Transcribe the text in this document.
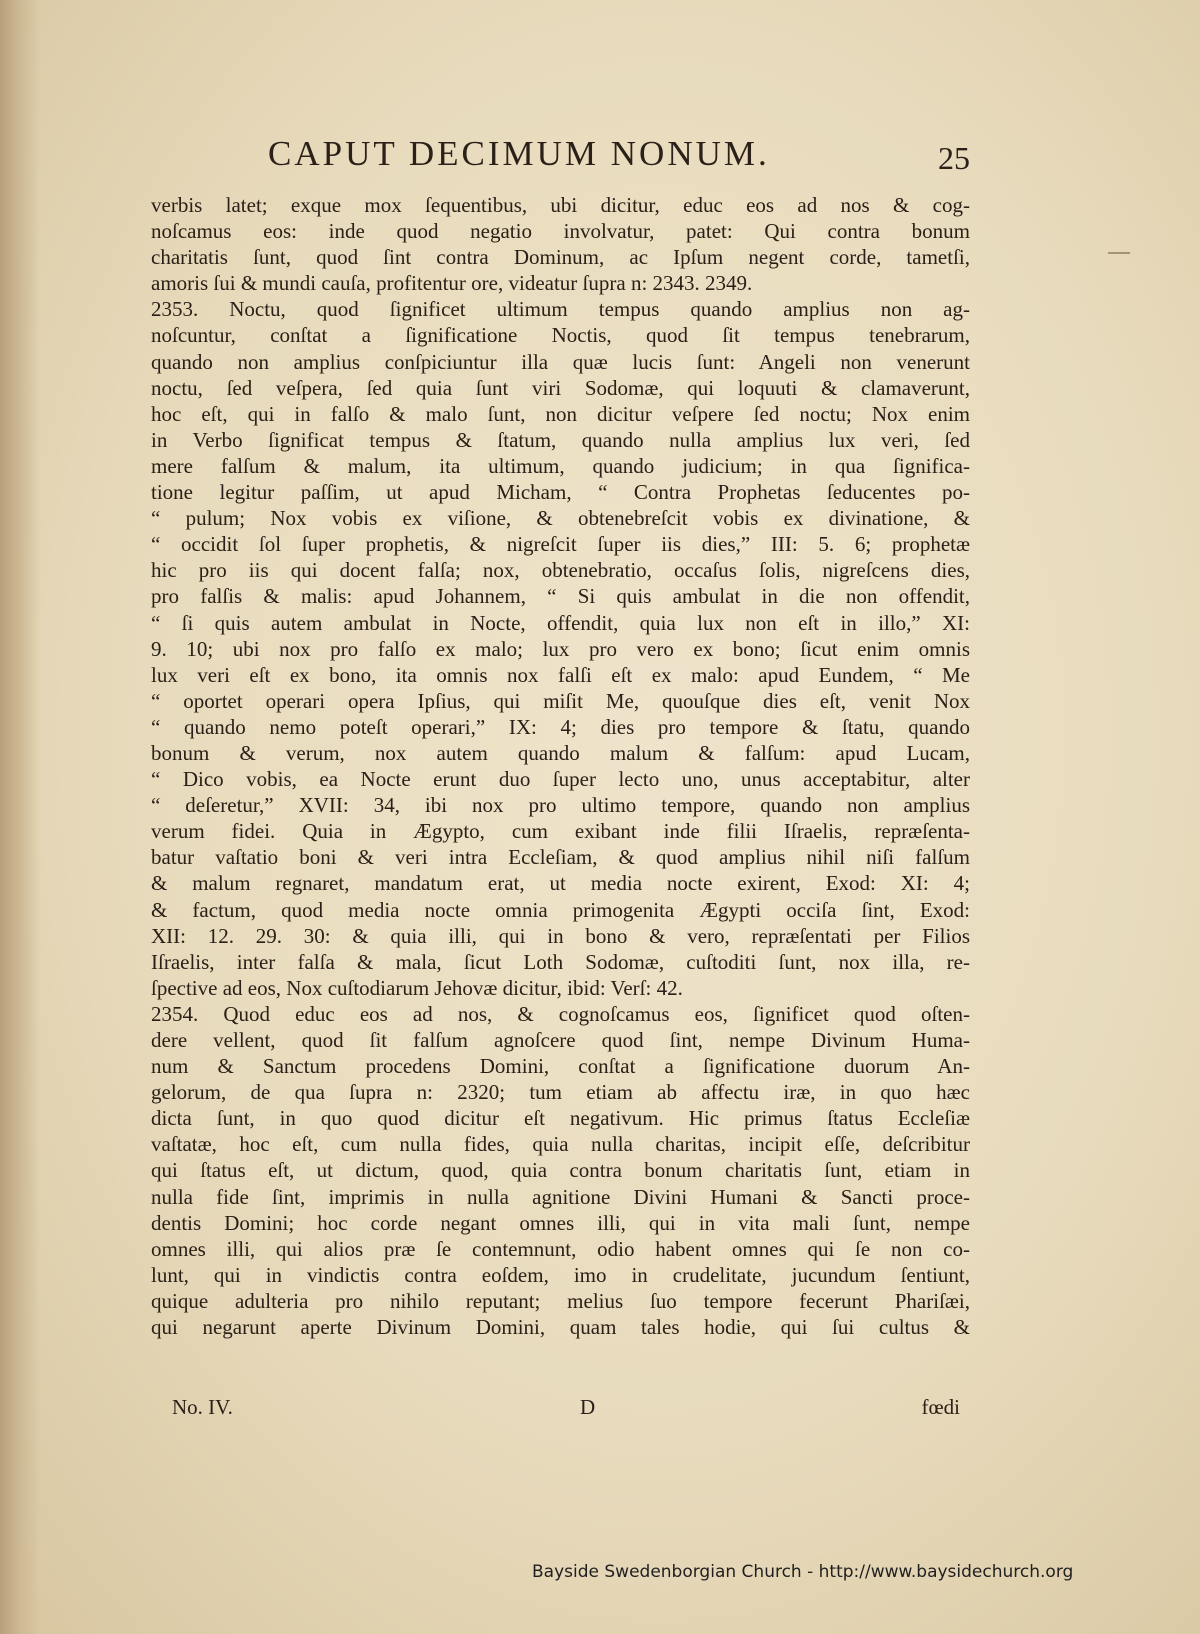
CAPUT DECIMUM NONUM.	25
verbis latet; exque mox ſequentibus, ubi dicitur, educ eos ad nos & cog-
noſcamus eos: inde quod negatio involvatur, patet: Qui contra bonum
charitatis ſunt, quod ſint contra Dominum, ac Ipſum negent corde, tametſi,
amoris ſui & mundi cauſa, profitentur ore, videatur ſupra n: 2343. 2349.
2353. Noctu, quod ſignificet ultimum tempus quando amplius non ag-
noſcuntur, conſtat a ſignificatione Noctis, quod ſit tempus tenebrarum,
quando non amplius conſpiciuntur illa quæ lucis ſunt: Angeli non venerunt
noctu, ſed veſpera, ſed quia ſunt viri Sodomæ, qui loquuti & clamaverunt,
hoc eſt, qui in falſo & malo ſunt, non dicitur veſpere ſed noctu; Nox enim
in Verbo ſignificat tempus & ſtatum, quando nulla amplius lux veri, ſed
mere falſum & malum, ita ultimum, quando judicium; in qua ſignifica-
tione legitur paſſim, ut apud Micham, “ Contra Prophetas ſeducentes po-
“ pulum; Nox vobis ex viſione, & obtenebreſcit vobis ex divinatione, &
“ occidit ſol ſuper prophetis, & nigreſcit ſuper iis dies,” III: 5. 6; prophetæ
hic pro iis qui docent falſa; nox, obtenebratio, occaſus ſolis, nigreſcens dies,
pro falſis & malis: apud Johannem, “ Si quis ambulat in die non offendit,
“ ſi quis autem ambulat in Nocte, offendit, quia lux non eſt in illo,” XI:
9. 10; ubi nox pro falſo ex malo; lux pro vero ex bono; ſicut enim omnis
lux veri eſt ex bono, ita omnis nox falſi eſt ex malo: apud Eundem, “ Me
“ oportet operari opera Ipſius, qui miſit Me, quouſque dies eſt, venit Nox
“ quando nemo poteſt operari,” IX: 4; dies pro tempore & ſtatu, quando
bonum & verum, nox autem quando malum & falſum: apud Lucam,
“ Dico vobis, ea Nocte erunt duo ſuper lecto uno, unus acceptabitur, alter
“ deſeretur,” XVII: 34, ibi nox pro ultimo tempore, quando non amplius
verum fidei. Quia in Ægypto, cum exibant inde filii Iſraelis, repræſenta-
batur vaſtatio boni & veri intra Eccleſiam, & quod amplius nihil niſi falſum
& malum regnaret, mandatum erat, ut media nocte exirent, Exod: XI: 4;
& factum, quod media nocte omnia primogenita Ægypti occiſa ſint, Exod:
XII: 12. 29. 30: & quia illi, qui in bono & vero, repræſentati per Filios
Iſraelis, inter falſa & mala, ſicut Loth Sodomæ, cuſtoditi ſunt, nox illa, re-
ſpective ad eos, Nox cuſtodiarum Jehovæ dicitur, ibid: Verſ: 42.
2354. Quod educ eos ad nos, & cognoſcamus eos, ſignificet quod oſten-
dere vellent, quod ſit falſum agnoſcere quod ſint, nempe Divinum Huma-
num & Sanctum procedens Domini, conſtat a ſignificatione duorum An-
gelorum, de qua ſupra n: 2320; tum etiam ab affectu iræ, in quo hæc
dicta ſunt, in quo quod dicitur eſt negativum. Hic primus ſtatus Eccleſiæ
vaſtatæ, hoc eſt, cum nulla fides, quia nulla charitas, incipit eſſe, deſcribitur
qui ſtatus eſt, ut dictum, quod, quia contra bonum charitatis ſunt, etiam in
nulla fide ſint, imprimis in nulla agnitione Divini Humani & Sancti proce-
dentis Domini; hoc corde negant omnes illi, qui in vita mali ſunt, nempe
omnes illi, qui alios præ ſe contemnunt, odio habent omnes qui ſe non co-
lunt, qui in vindictis contra eoſdem, imo in crudelitate, jucundum ſentiunt,
quique adulteria pro nihilo reputant; melius ſuo tempore fecerunt Phariſæi,
qui negarunt aperte Divinum Domini, quam tales hodie, qui ſui cultus &
No. IV.	D	fœdi
Bayside Swedenborgian Church - http://www.baysidechurch.org
